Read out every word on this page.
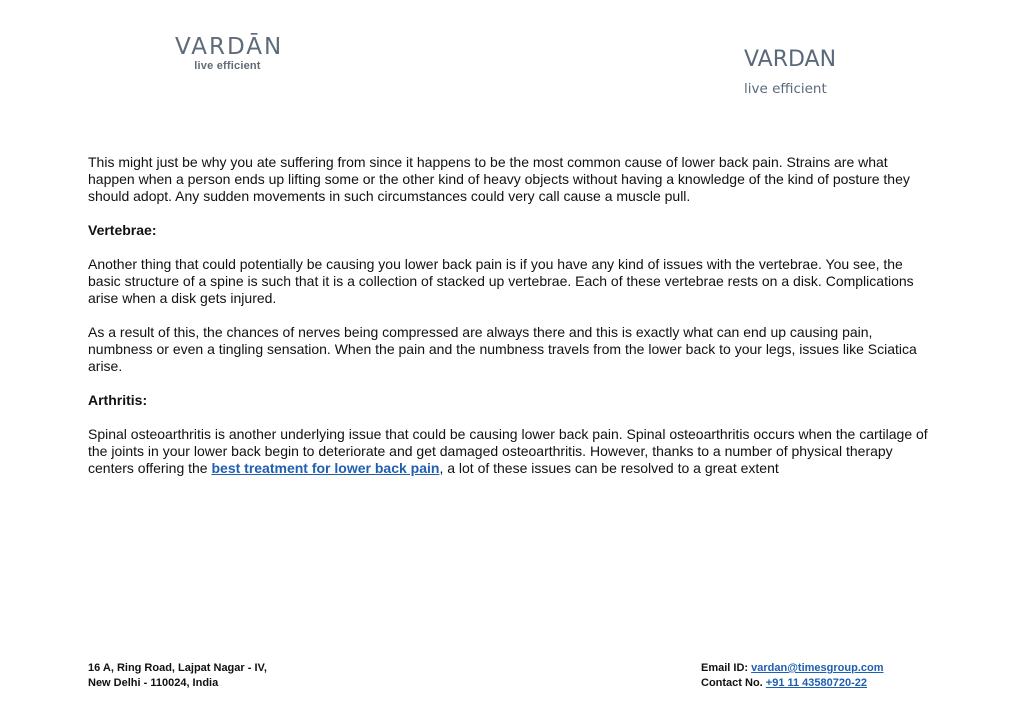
VARDĀN
live efficient	VARDAN
live efficient

This might just be why you ate suffering from since it happens to be the most common cause of lower back pain. Strains are what happen when a person ends up lifting some or the other kind of heavy objects without having a knowledge of the kind of posture they should adopt. Any sudden movements in such circumstances could very call cause a muscle pull.

Vertebrae:

Another thing that could potentially be causing you lower back pain is if you have any kind of issues with the vertebrae. You see, the basic structure of a spine is such that it is a collection of stacked up vertebrae. Each of these vertebrae rests on a disk. Complications arise when a disk gets injured.

As a result of this, the chances of nerves being compressed are always there and this is exactly what can end up causing pain, numbness or even a tingling sensation. When the pain and the numbness travels from the lower back to your legs, issues like Sciatica arise.

Arthritis:

Spinal osteoarthritis is another underlying issue that could be causing lower back pain. Spinal osteoarthritis occurs when the cartilage of the joints in your lower back begin to deteriorate and get damaged osteoarthritis. However, thanks to a number of physical therapy centers offering the best treatment for lower back pain, a lot of these issues can be resolved to a great extent

16 A, Ring Road, Lajpat Nagar - IV,
New Delhi - 110024, India
Email ID: vardan@timesgroup.com
Contact No. +91 11 43580720-22
